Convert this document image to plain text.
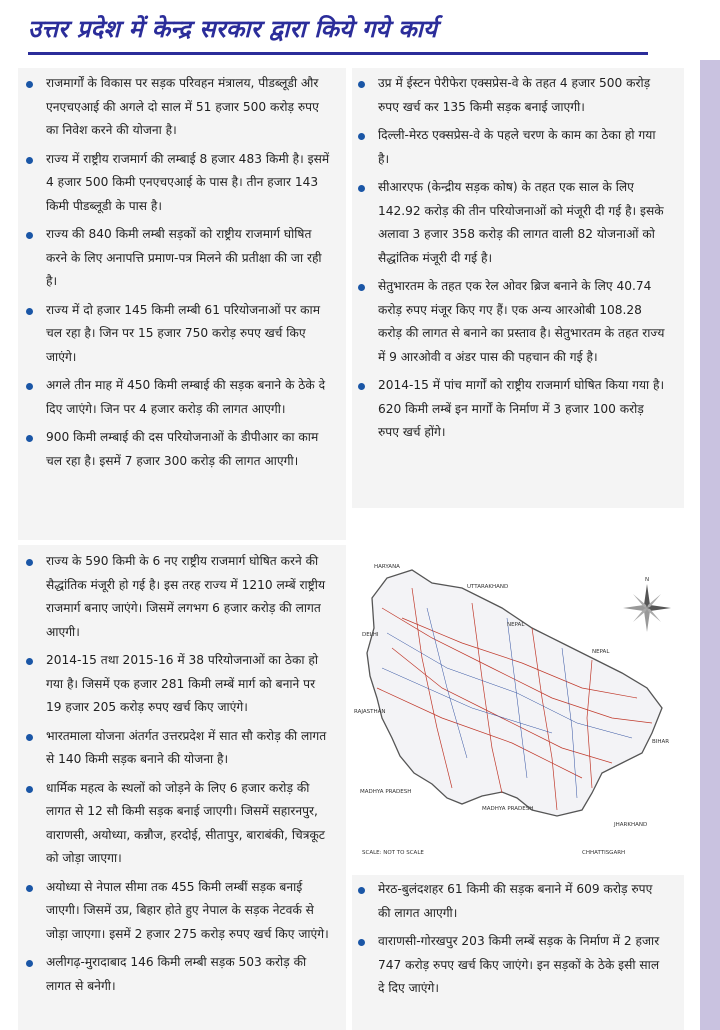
उत्तर प्रदेश में केन्द्र सरकार द्वारा किये गये कार्य
राजमार्गों के विकास पर सड़क परिवहन मंत्रालय, पीडब्लूडी और एनएचएआई की अगले दो साल में 51 हजार 500 करोड़ रुपए का निवेश करने की योजना है।
राज्य में राष्ट्रीय राजमार्ग की लम्बाई 8 हजार 483 किमी है। इसमें 4 हजार 500 किमी एनएचएआई के पास है। तीन हजार 143 किमी पीडब्लूडी के पास है।
राज्य की 840 किमी लम्बी सड़कों को राष्ट्रीय राजमार्ग घोषित करने के लिए अनापत्ति प्रमाण-पत्र मिलने की प्रतीक्षा की जा रही है।
राज्य में दो हजार 145 किमी लम्बी 61 परियोजनाओं पर काम चल रहा है। जिन पर 15 हजार 750 करोड़ रुपए खर्च किए जाएंगे।
अगले तीन माह में 450 किमी लम्बाई की सड़क बनाने के ठेके दे दिए जाएंगे। जिन पर 4 हजार करोड़ की लागत आएगी।
900 किमी लम्बाई की दस परियोजनाओं के डीपीआर का काम चल रहा है। इसमें 7 हजार 300 करोड़ की लागत आएगी।
उप्र में ईस्टन पेरीफेरा एक्सप्रेस-वे के तहत 4 हजार 500 करोड़ रुपए खर्च कर 135 किमी सड़क बनाई जाएगी।
दिल्ली-मेरठ एक्सप्रेस-वे के पहले चरण के काम का ठेका हो गया है।
सीआरएफ (केन्द्रीय सड़क कोष) के तहत एक साल के लिए 142.92 करोड़ की तीन परियोजनाओं को मंजूरी दी गई है। इसके अलावा 3 हजार 358 करोड़ की लागत वाली 82 योजनाओं को सैद्धांतिक मंजूरी दी गई है।
सेतुभारतम के तहत एक रेल ओवर ब्रिज बनाने के लिए 40.74 करोड़ रुपए मंजूर किए गए हैं। एक अन्य आरओबी 108.28 करोड़ की लागत से बनाने का प्रस्ताव है। सेतुभारतम के तहत राज्य में 9 आरओवी व अंडर पास की पहचान की गई है।
2014-15 में पांच मार्गों को राष्ट्रीय राजमार्ग घोषित किया गया है। 620 किमी लम्बें इन मार्गों के निर्माण में 3 हजार 100 करोड़ रुपए खर्च होंगे।
राज्य के 590 किमी के 6 नए राष्ट्रीय राजमार्ग घोषित करने की सैद्धांतिक मंजूरी हो गई है। इस तरह राज्य में 1210 लम्बें राष्ट्रीय राजमार्ग बनाए जाएंगे। जिसमें लगभग 6 हजार करोड़ की लागत आएगी।
2014-15 तथा 2015-16 में 38 परियोजनाओं का ठेका हो गया है। जिसमें एक हजार 281 किमी लम्बें मार्ग को बनाने पर 19 हजार 205 करोड़ रुपए खर्च किए जाएंगे।
भारतमाला योजना अंतर्गत उत्तरप्रदेश में सात सौ करोड़ की लागत से 140 किमी सड़क बनाने की योजना है।
धार्मिक महत्व के स्थलों को जोड़ने के लिए 6 हजार करोड़ की लागत से 12 सौ किमी सड़क बनाई जाएगी। जिसमें सहारनपुर, वाराणसी, अयोध्या, कन्नौज, हरदोई, सीतापुर, बाराबंकी, चित्रकूट को जोड़ा जाएगा।
अयोध्या से नेपाल सीमा तक 455 किमी लम्बीं सड़क बनाई जाएगी। जिसमें उप्र, बिहार होते हुए नेपाल के सड़क नेटवर्क से जोड़ा जाएगा। इसमें 2 हजार 275 करोड़ रुपए खर्च किए जाएंगे।
अलीगढ़-मुरादाबाद 146 किमी लम्बी सड़क 503 करोड़ की लागत से बनेगी।
N
HARYANA
UTTARAKHAND
DELHI
NEPAL
NEPAL
RAJASTHAN
BIHAR
MADHYA PRADESH
MADHYA PRADESH
JHARKHAND
CHHATTISGARH
SCALE: NOT TO SCALE
मेरठ-बुलंदशहर 61 किमी की सड़क बनाने में 609 करोड़ रुपए की लागत आएगी।
वाराणसी-गोरखपुर 203 किमी लम्बें सड़क के निर्माण में 2 हजार 747 करोड़ रुपए खर्च किए जाएंगे। इन सड़कों के ठेके इसी साल दे दिए जाएंगे।
